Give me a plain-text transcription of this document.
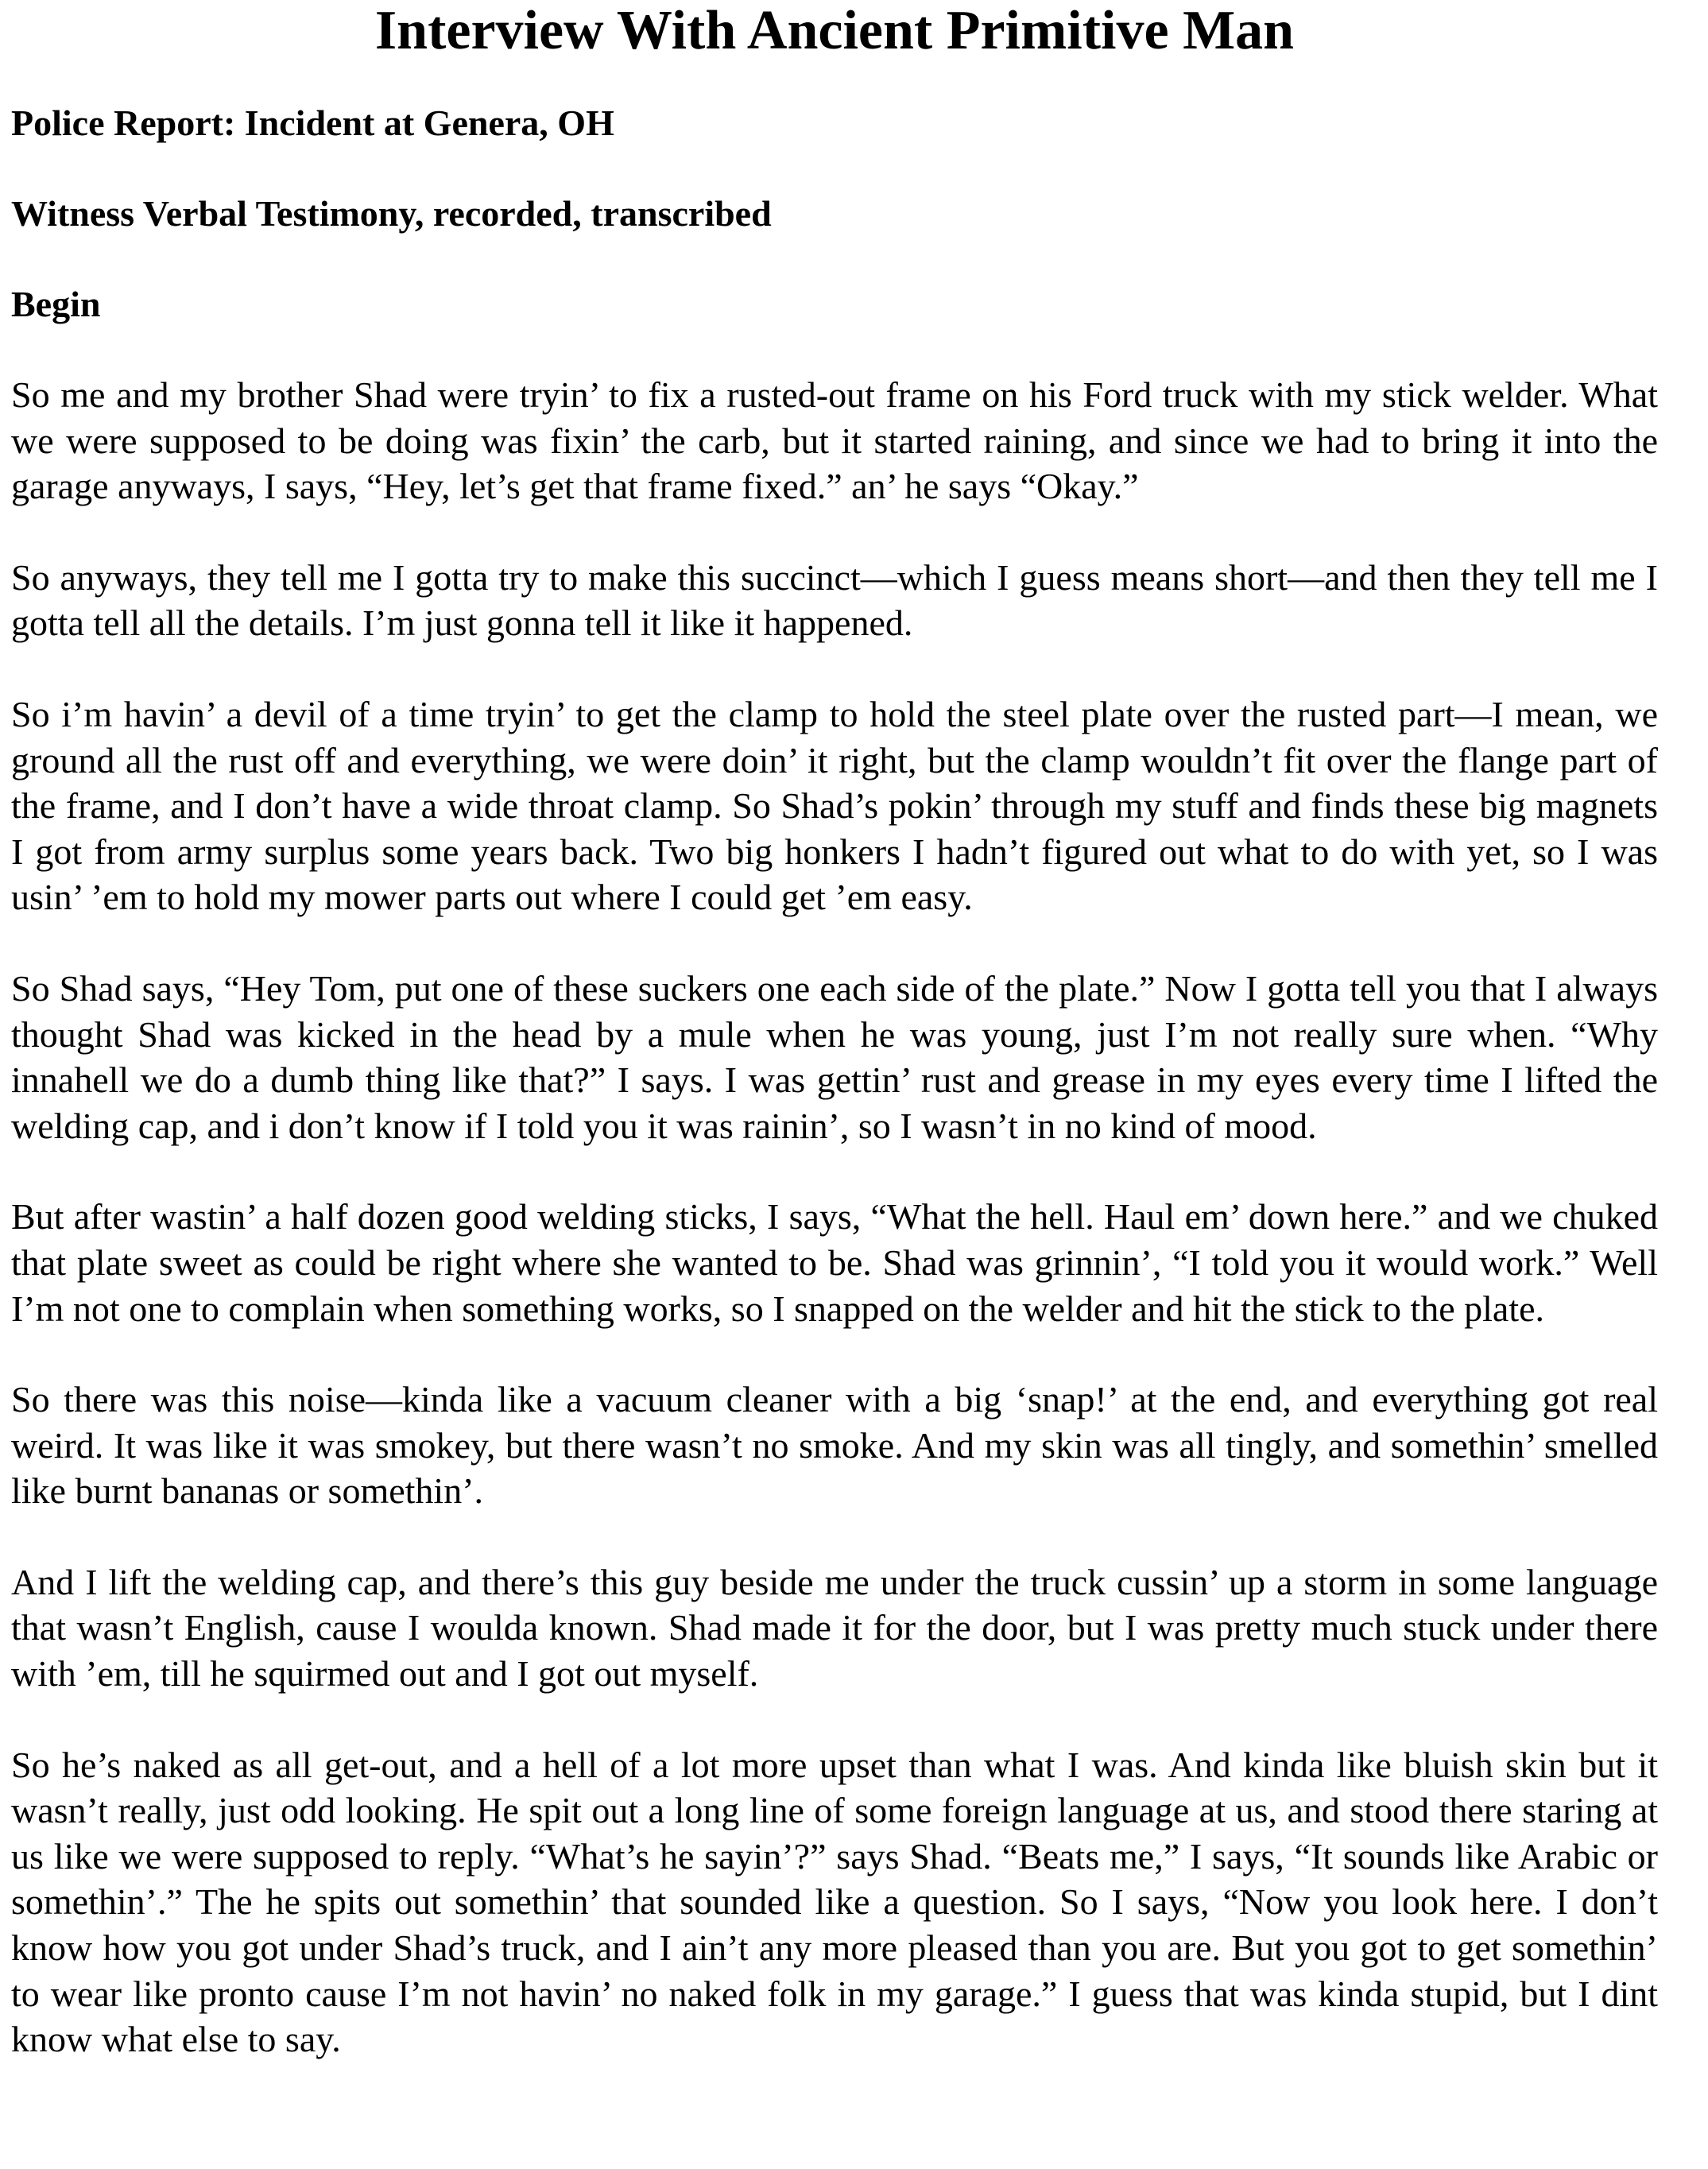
Interview With Ancient Primitive Man

Police Report: Incident at Genera, OH

Witness Verbal Testimony, recorded, transcribed

Begin

So me and my brother Shad were tryin’ to fix a rusted-out frame on his Ford truck with my stick welder. What we were supposed to be doing was fixin’ the carb, but it started raining, and since we had to bring it into the garage anyways, I says, “Hey, let’s get that frame fixed.” an’ he says “Okay.”

So anyways, they tell me I gotta try to make this succinct—which I guess means short—and then they tell me I gotta tell all the details. I’m just gonna tell it like it happened.

So i’m havin’ a devil of a time tryin’ to get the clamp to hold the steel plate over the rusted part—I mean, we ground all the rust off and everything, we were doin’ it right, but the clamp wouldn’t fit over the flange part of the frame, and I don’t have a wide throat clamp. So Shad’s pokin’ through my stuff and finds these big magnets I got from army surplus some years back. Two big honkers I hadn’t figured out what to do with yet, so I was usin’ ’em to hold my mower parts out where I could get ’em easy.

So Shad says, “Hey Tom, put one of these suckers one each side of the plate.” Now I gotta tell you that I always thought Shad was kicked in the head by a mule when he was young, just I’m not really sure when. “Why innahell we do a dumb thing like that?” I says. I was gettin’ rust and grease in my eyes every time I lifted the welding cap, and i don’t know if I told you it was rainin’, so I wasn’t in no kind of mood.

But after wastin’ a half dozen good welding sticks, I says, “What the hell. Haul em’ down here.” and we chuked that plate sweet as could be right where she wanted to be. Shad was grinnin’, “I told you it would work.” Well I’m not one to complain when something works, so I snapped on the welder and hit the stick to the plate.

So there was this noise—kinda like a vacuum cleaner with a big ‘snap!’ at the end, and everything got real weird. It was like it was smokey, but there wasn’t no smoke. And my skin was all tingly, and somethin’ smelled like burnt bananas or somethin’.

And I lift the welding cap, and there’s this guy beside me under the truck cussin’ up a storm in some language that wasn’t English, cause I woulda known. Shad made it for the door, but I was pretty much stuck under there with ’em, till he squirmed out and I got out myself.

So he’s naked as all get-out, and a hell of a lot more upset than what I was. And kinda like bluish skin but it wasn’t really, just odd looking. He spit out a long line of some foreign language at us, and stood there staring at us like we were supposed to reply. “What’s he sayin’?” says Shad. “Beats me,” I says, “It sounds like Arabic or somethin’.” The he spits out somethin’ that sounded like a question. So I says, “Now you look here. I don’t know how you got under Shad’s truck, and I ain’t any more pleased than you are. But you got to get somethin’ to wear like pronto cause I’m not havin’ no naked folk in my garage.” I guess that was kinda stupid, but I dint know what else to say.
